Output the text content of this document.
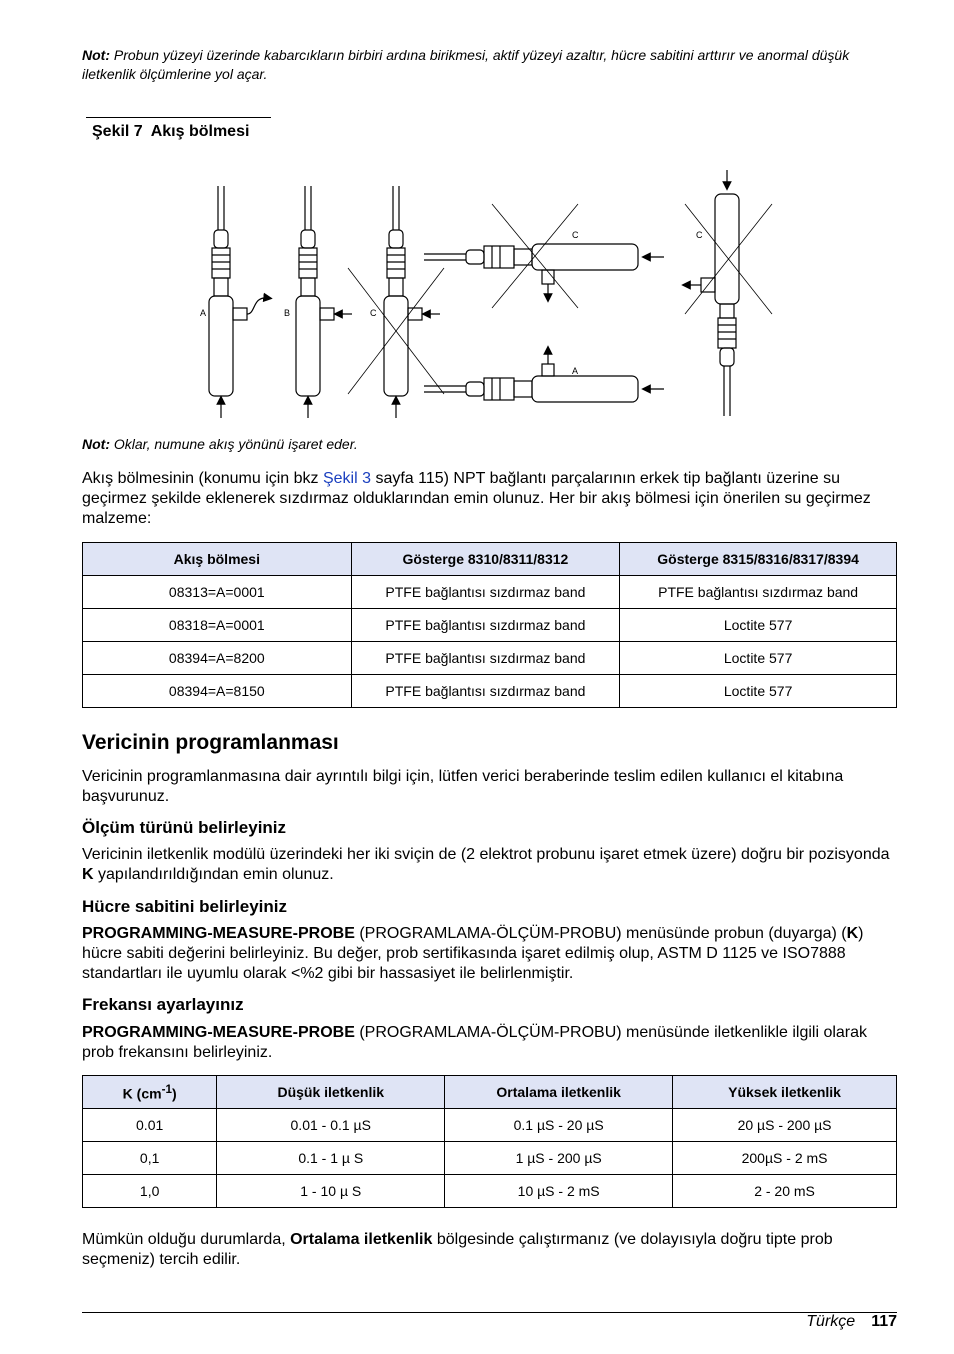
Not: Probun yüzeyi üzerinde kabarcıkların birbiri ardına birikmesi, aktif yüzeyi azaltır, hücre sabitini arttırır ve anormal düşük iletkenlik ölçümlerine yol açar.
Şekil 7 Akış bölmesi
A	B	C
C
A
C
Not: Oklar, numune akış yönünü işaret eder.
Akış bölmesinin (konumu için bkz Şekil 3 sayfa 115) NPT bağlantı parçalarının erkek tip bağlantı üzerine su geçirmez şekilde eklenerek sızdırmaz olduklarından emin olunuz. Her bir akış bölmesi için önerilen su geçirmez malzeme:
Akış bölmesi	Gösterge 8310/8311/8312	Gösterge 8315/8316/8317/8394
08313=A=0001	PTFE bağlantısı sızdırmaz band	PTFE bağlantısı sızdırmaz band
08318=A=0001	PTFE bağlantısı sızdırmaz band	Loctite 577
08394=A=8200	PTFE bağlantısı sızdırmaz band	Loctite 577
08394=A=8150	PTFE bağlantısı sızdırmaz band	Loctite 577
Vericinin programlanması
Vericinin programlanmasına dair ayrıntılı bilgi için, lütfen verici beraberinde teslim edilen kullanıcı el kitabına başvurunuz.
Ölçüm türünü belirleyiniz
Vericinin iletkenlik modülü üzerindeki her iki sviçin de (2 elektrot probunu işaret etmek üzere) doğru bir pozisyonda K yapılandırıldığından emin olunuz.
Hücre sabitini belirleyiniz
PROGRAMMING-MEASURE-PROBE (PROGRAMLAMA-ÖLÇÜM-PROBU) menüsünde probun (duyarga) (K) hücre sabiti değerini belirleyiniz. Bu değer, prob sertifikasında işaret edilmiş olup, ASTM D 1125 ve ISO7888 standartları ile uyumlu olarak <%2 gibi bir hassasiyet ile belirlenmiştir.
Frekansı ayarlayınız
PROGRAMMING-MEASURE-PROBE (PROGRAMLAMA-ÖLÇÜM-PROBU) menüsünde iletkenlikle ilgili olarak prob frekansını belirleyiniz.
K $(cm^{-1})$	Düşük iletkenlik	Ortalama iletkenlik	Yüksek iletkenlik
0.01	0.01 - 0.1 µS	0.1 µS - 20 µS	20 µS - 200 µS
0,1	0.1 - 1 µ S	1 µS - 200 µS	200µS - 2 mS
1,0	1 - 10 µ S	10 µS - 2 mS	2 - 20 mS
Mümkün olduğu durumlarda, Ortalama iletkenlik bölgesinde çalıştırmanız (ve dolayısıyla doğru tipte prob seçmeniz) tercih edilir.
Türkçe 117
